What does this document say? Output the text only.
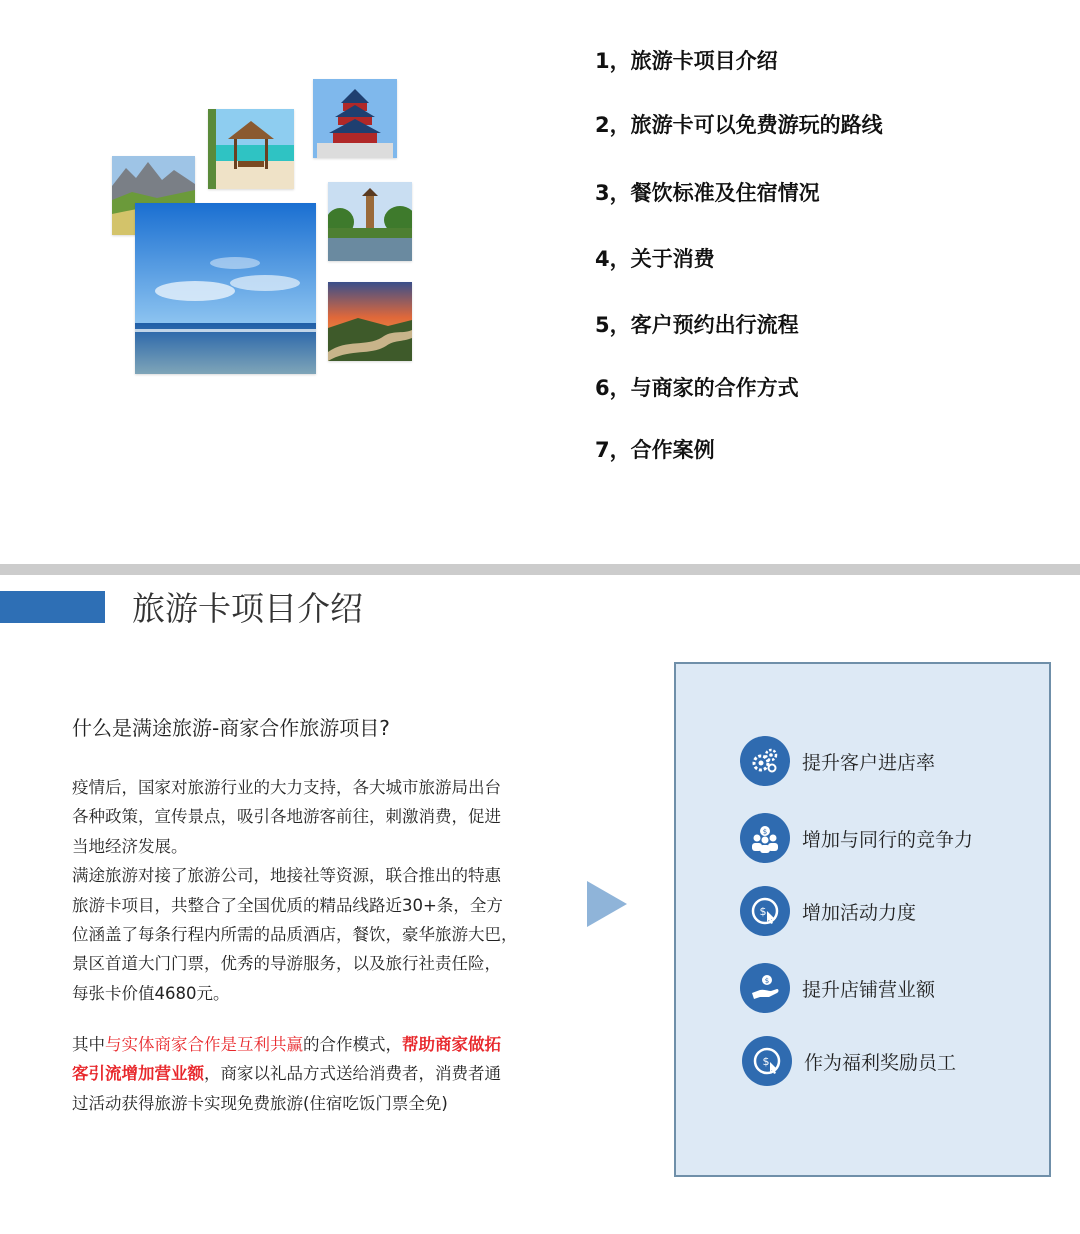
1，旅游卡项目介绍
2，旅游卡可以免费游玩的路线
3，餐饮标准及住宿情况
4，关于消费
5，客户预约出行流程
6，与商家的合作方式
7，合作案例
旅游卡项目介绍
什么是满途旅游-商家合作旅游项目?

疫情后，国家对旅游行业的大力支持，各大城市旅游局出台
各种政策，宣传景点，吸引各地游客前往，刺激消费，促进
当地经济发展。
满途旅游对接了旅游公司，地接社等资源，联合推出的特惠
旅游卡项目，共整合了全国优质的精品线路近30+条，全方
位涵盖了每条行程内所需的品质酒店，餐饮，豪华旅游大巴，
景区首道大门门票，优秀的导游服务，以及旅行社责任险，
每张卡价值4680元。

其中与实体商家合作是互利共赢的合作模式，帮助商家做拓
客引流增加营业额，商家以礼品方式送给消费者，消费者通
过活动获得旅游卡实现免费旅游(住宿吃饭门票全免)

提升客户进店率
$ 增加与同行的竞争力
$ 增加活动力度
$ 提升店铺营业额
$ 作为福利奖励员工
